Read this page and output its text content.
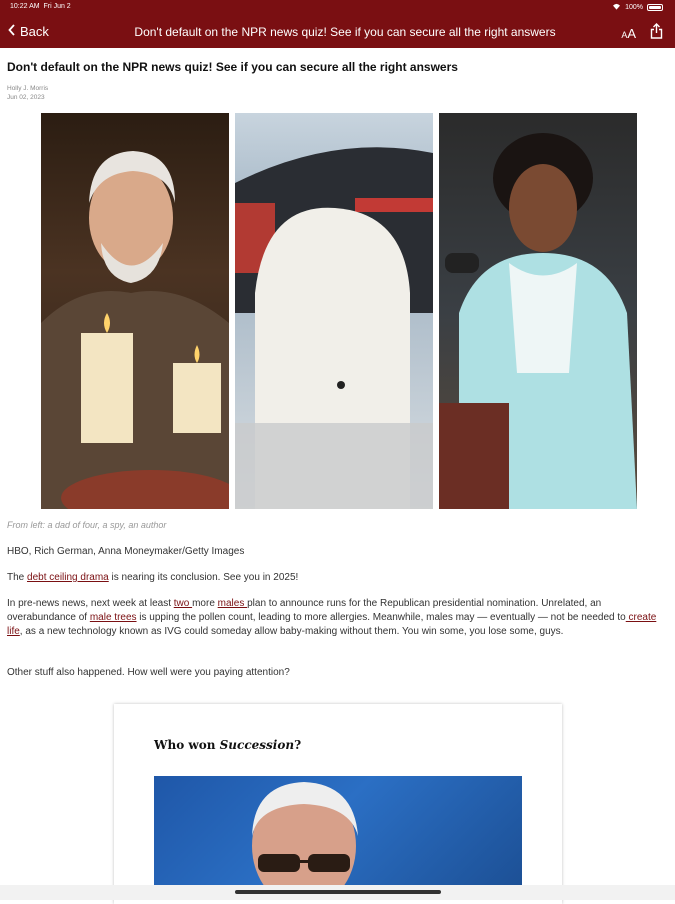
10:22 AM Fri Jun 2	100%
Back	Don't default on the NPR news quiz! See if you can secure all the right answers	AA
Don't default on the NPR news quiz! See if you can secure all the right answers
Holly J. Morris
Jun 02, 2023
From left: a dad of four, a spy, an author
HBO, Rich German, Anna Moneymaker/Getty Images
The debt ceiling drama is nearing its conclusion. See you in 2025!
In pre-news news, next week at least two more males plan to announce runs for the Republican presidential nomination. Unrelated, an overabundance of male trees is upping the pollen count, leading to more allergies. Meanwhile, males may — eventually — not be needed to create life, as a new technology known as IVG could someday allow baby-making without them. You win some, you lose some, guys.
Other stuff also happened. How well were you paying attention?
Who won Succession?
